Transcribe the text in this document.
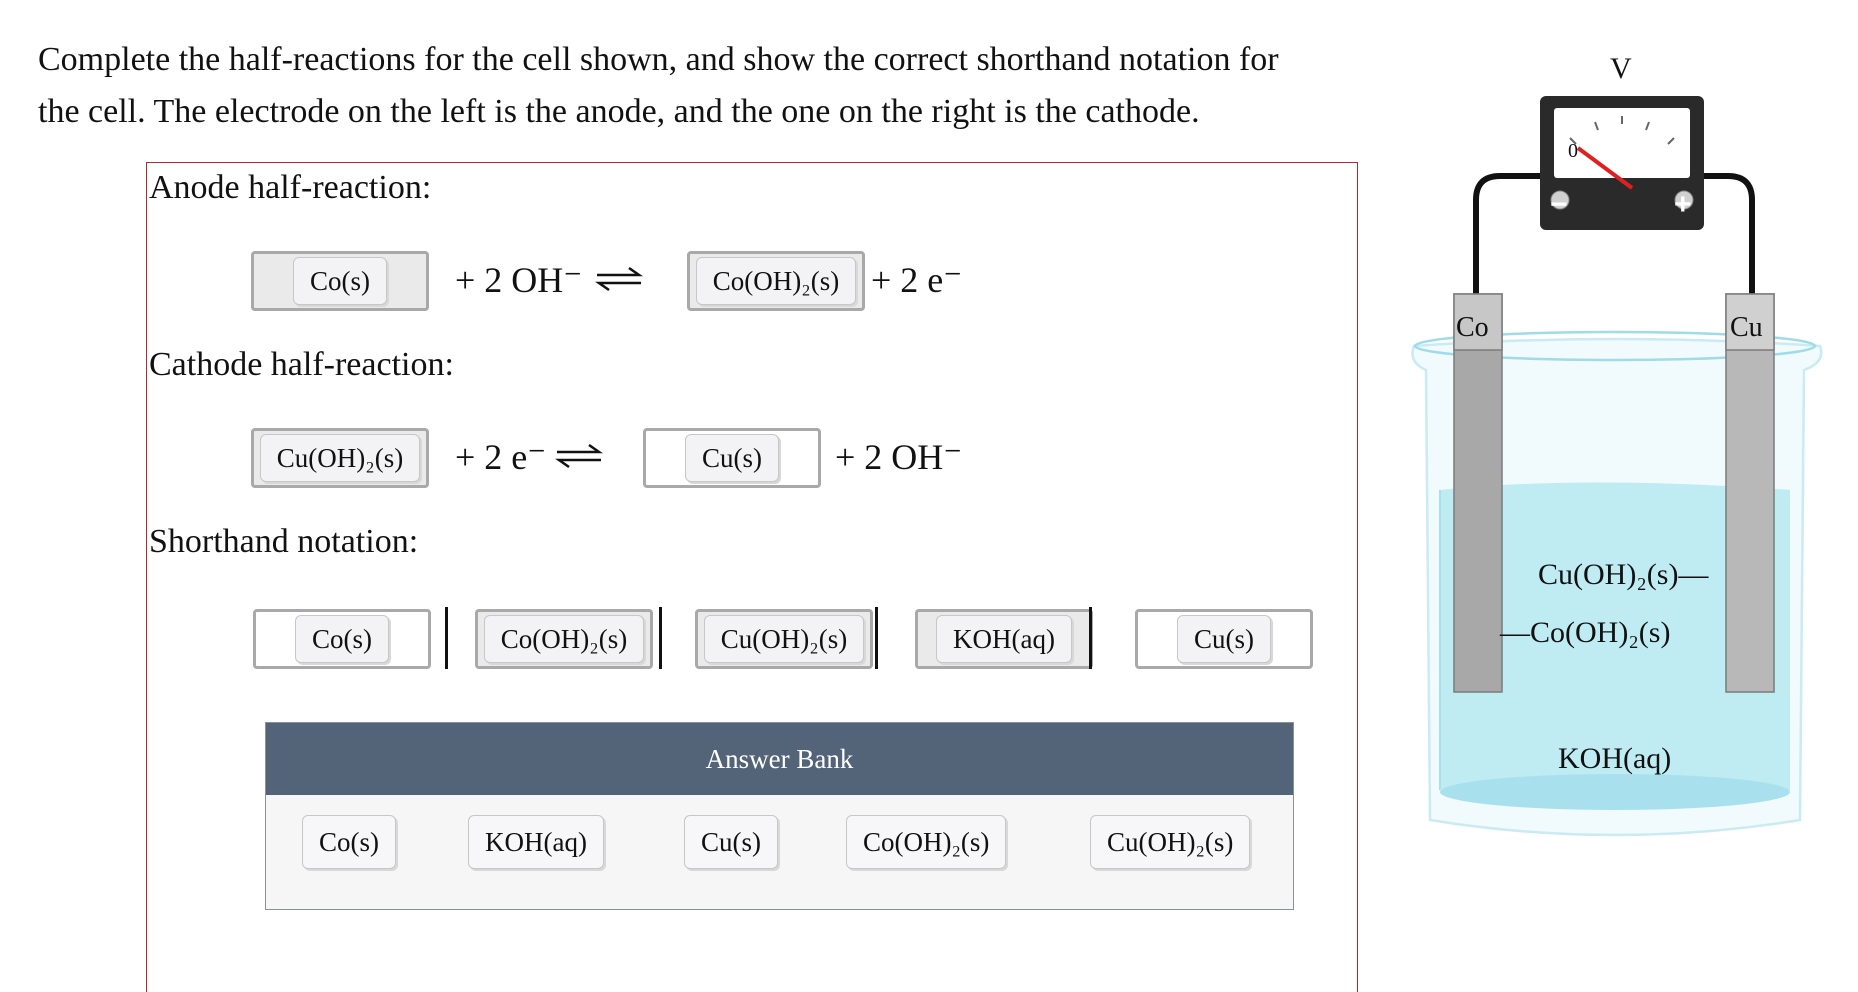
Complete the half-reactions for the cell shown, and show the correct shorthand notation for
the cell. The electrode on the left is the anode, and the one on the right is the cathode.
Anode half-reaction:
Co(s)	+ 2 OH⁻ ⇌	Co(OH)₂(s) + 2 e⁻
Cathode half-reaction:
Cu(OH)₂(s)	+ 2 e⁻ ⇌	Cu(s)	+ 2 OH⁻
Shorthand notation:
Co(s)	Co(OH)₂(s)	Cu(OH)₂(s)	KOH(aq)	Cu(s)
Answer Bank
Co(s)	KOH(aq)	Cu(s)	Co(OH)₂(s)	Cu(OH)₂(s)
V
0
−	+
Co	Cu
Cu(OH)₂(s)—
—Co(OH)₂(s)
KOH(aq)
